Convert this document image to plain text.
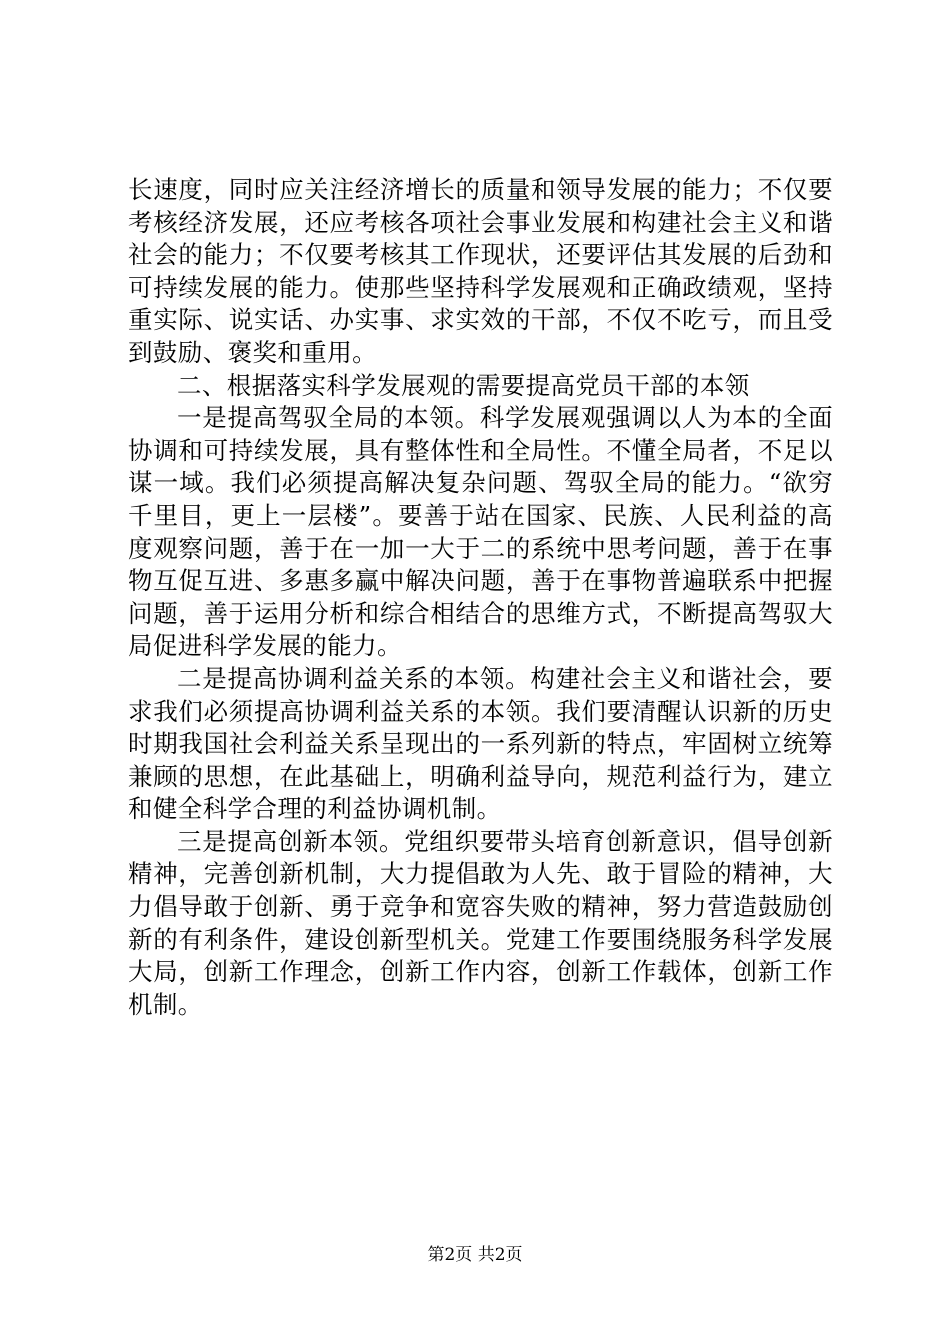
长速度，同时应关注经济增长的质量和领导发展的能力；不仅要考核经济发展，还应考核各项社会事业发展和构建社会主义和谐社会的能力；不仅要考核其工作现状，还要评估其发展的后劲和可持续发展的能力。使那些坚持科学发展观和正确政绩观，坚持重实际、说实话、办实事、求实效的干部，不仅不吃亏，而且受到鼓励、褒奖和重用。

二、根据落实科学发展观的需要提高党员干部的本领

一是提高驾驭全局的本领。科学发展观强调以人为本的全面协调和可持续发展，具有整体性和全局性。不懂全局者，不足以谋一域。我们必须提高解决复杂问题、驾驭全局的能力。“欲穷千里目，更上一层楼”。要善于站在国家、民族、人民利益的高度观察问题，善于在一加一大于二的系统中思考问题，善于在事物互促互进、多惠多赢中解决问题，善于在事物普遍联系中把握问题，善于运用分析和综合相结合的思维方式，不断提高驾驭大局促进科学发展的能力。

二是提高协调利益关系的本领。构建社会主义和谐社会，要求我们必须提高协调利益关系的本领。我们要清醒认识新的历史时期我国社会利益关系呈现出的一系列新的特点，牢固树立统筹兼顾的思想，在此基础上，明确利益导向，规范利益行为，建立和健全科学合理的利益协调机制。

三是提高创新本领。党组织要带头培育创新意识，倡导创新精神，完善创新机制，大力提倡敢为人先、敢于冒险的精神，大力倡导敢于创新、勇于竞争和宽容失败的精神，努力营造鼓励创新的有利条件，建设创新型机关。党建工作要围绕服务科学发展大局，创新工作理念，创新工作内容，创新工作载体，创新工作机制。

第2页 共2页
